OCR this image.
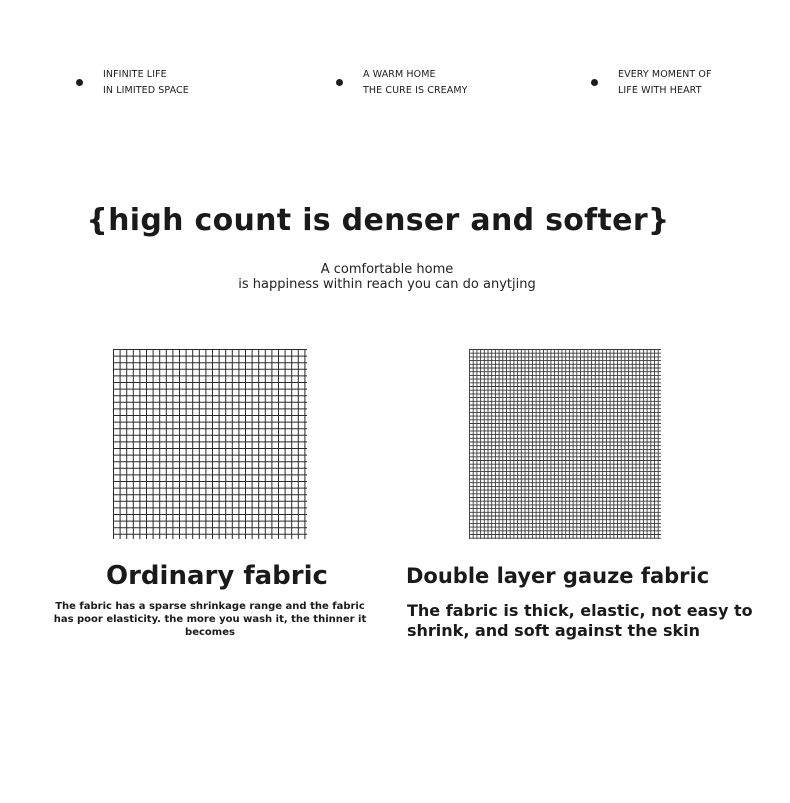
INFINITE LIFE
IN LIMITED SPACE
A WARM HOME
THE CURE IS CREAMY
EVERY MOMENT OF
LIFE WITH HEART
{high count is denser and softer}
A comfortable home
is happiness within reach you can do anytjing
Ordinary fabric	Double layer gauze fabric
The fabric has a sparse shrinkage range and the fabric has poor elasticity. the more you wash it, the thinner it becomes
The fabric is thick, elastic, not easy to shrink, and soft against the skin
